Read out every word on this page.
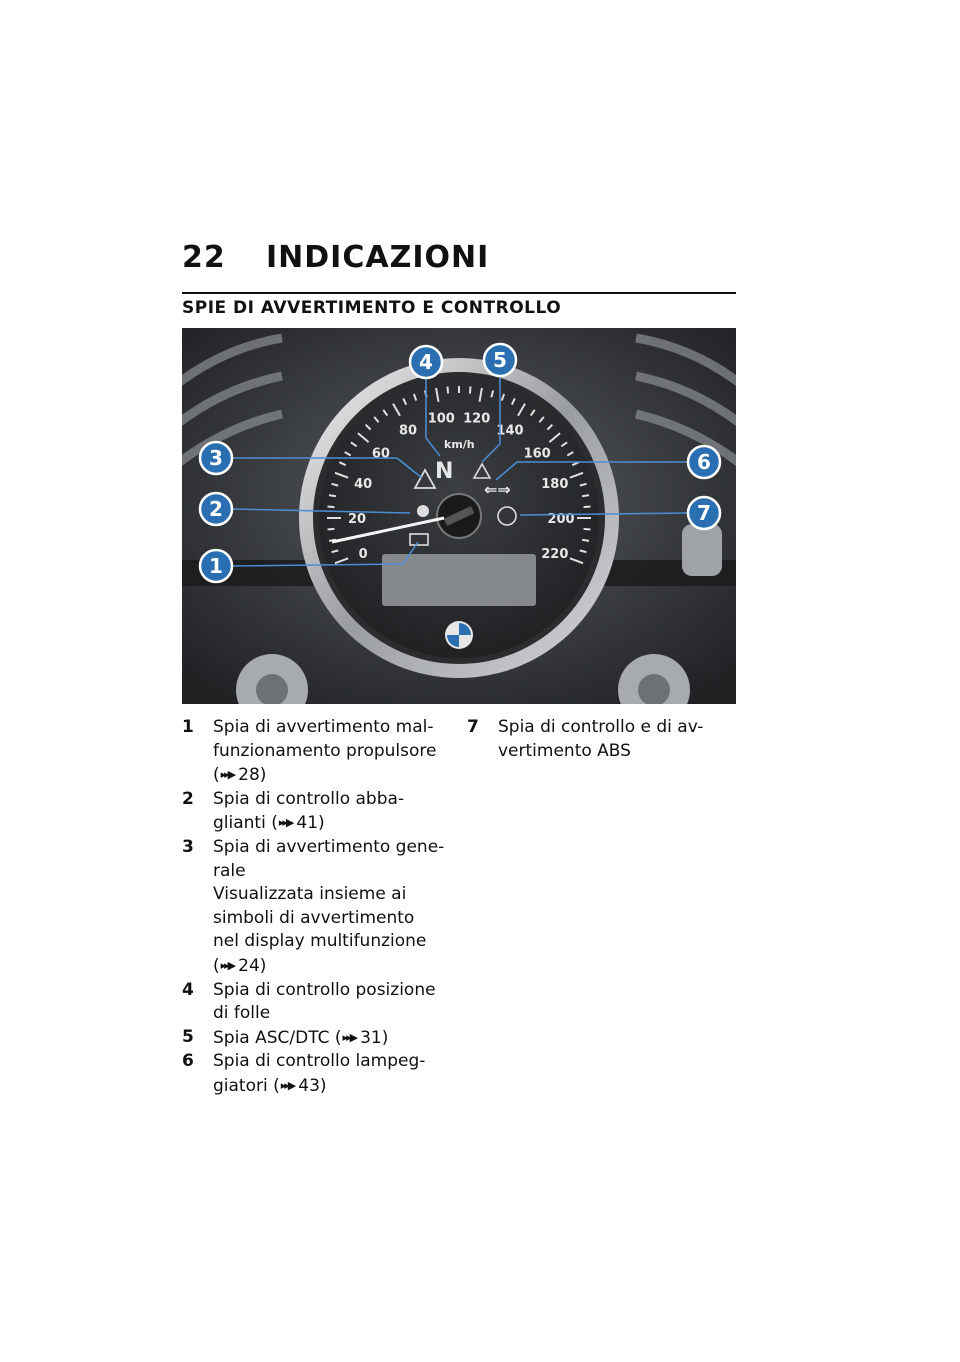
22	INDICAZIONI
SPIE DI AVVERTIMENTO E CONTROLLO
0
20
40
60
80
100 120
140
160
180
200
220
km/h
N
⇐⇒
1
2
3
4	5
6
7
1	Spia di avvertimento mal-
funzionamento propulsore
(▸▸▶ 28)
2	Spia di controllo abba-
glianti (▸▸▶ 41)
3	Spia di avvertimento gene-
rale
Visualizzata insieme ai
simboli di avvertimento
nel display multifunzione
(▸▸▶ 24)
4	Spia di controllo posizione
di folle
5	Spia ASC/DTC (▸▸▶ 31)
6	Spia di controllo lampeg-
giatori (▸▸▶ 43)
7	Spia di controllo e di av-
vertimento ABS
